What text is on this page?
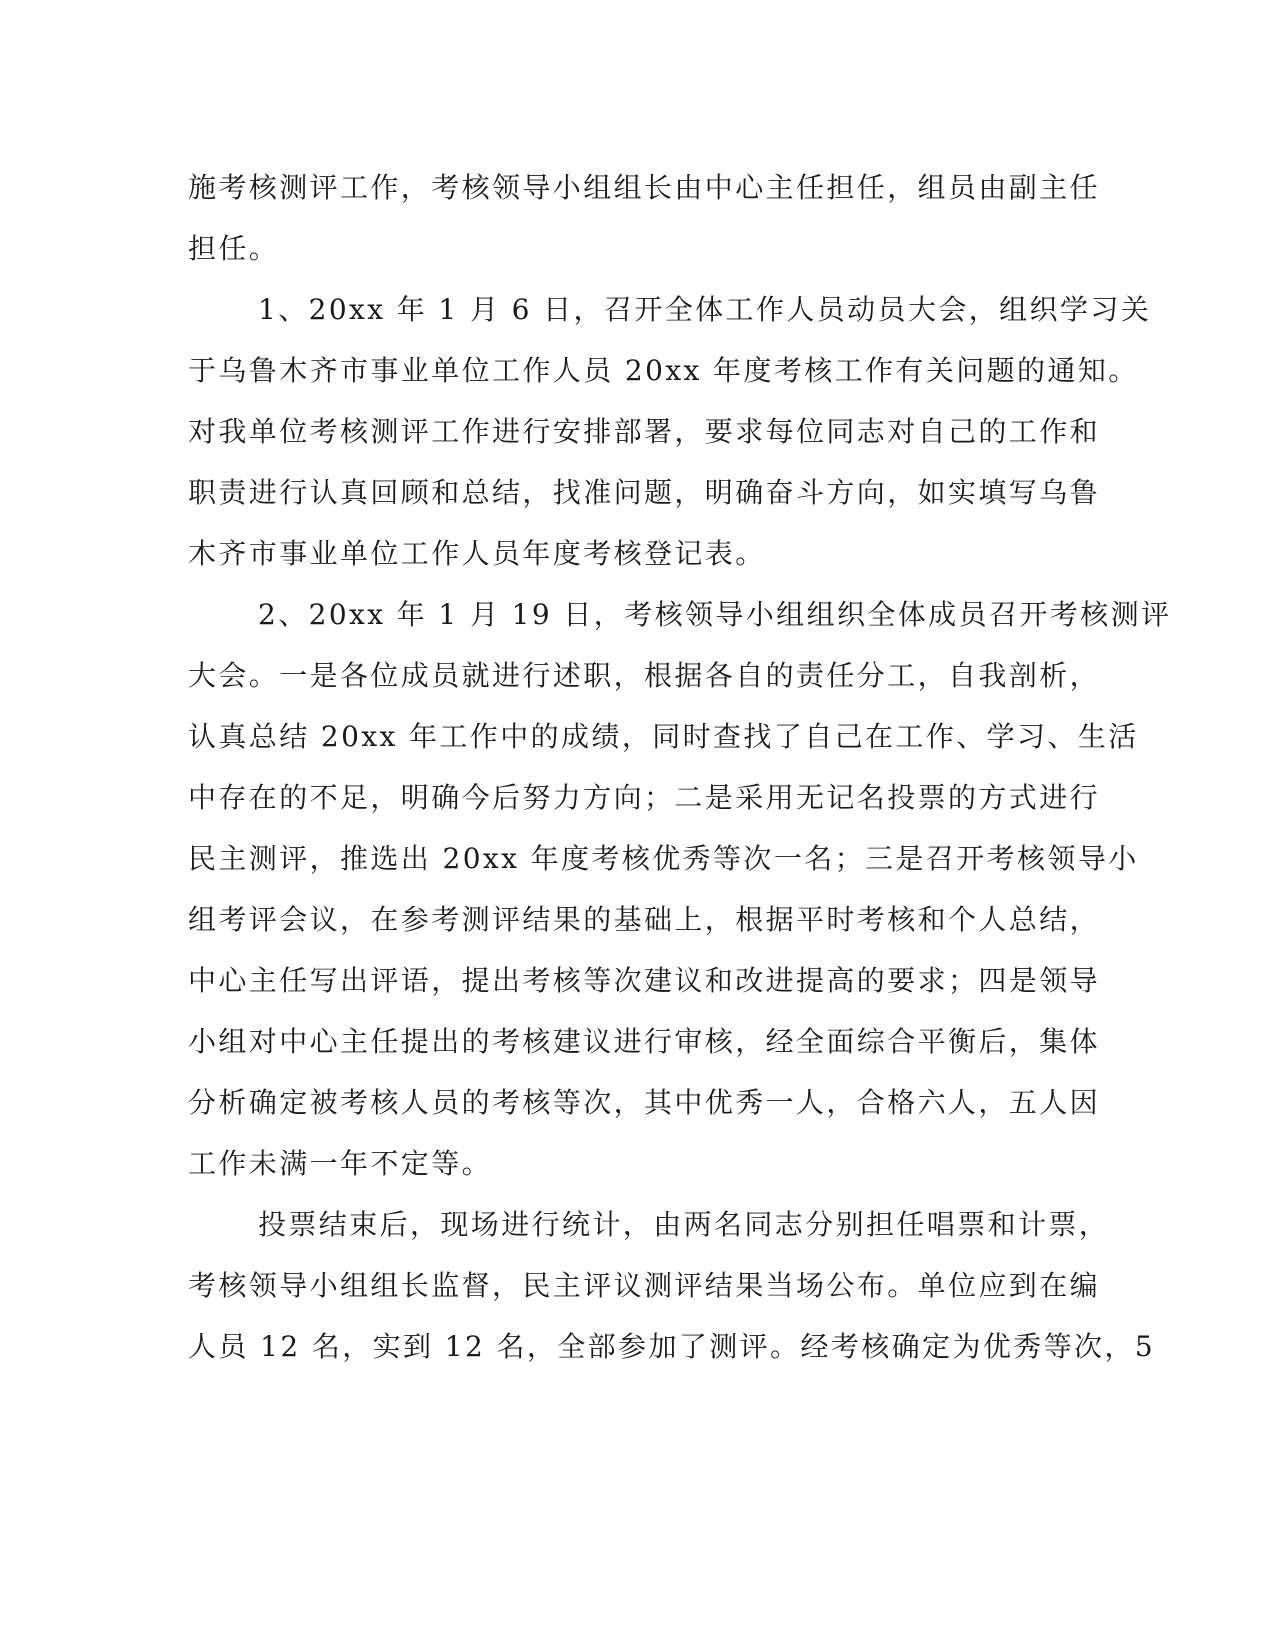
施考核测评工作，考核领导小组组长由中心主任担任，组员由副主任
担任。
1、20xx 年 1 月 6 日，召开全体工作人员动员大会，组织学习关
于乌鲁木齐市事业单位工作人员 20xx 年度考核工作有关问题的通知。
对我单位考核测评工作进行安排部署，要求每位同志对自己的工作和
职责进行认真回顾和总结，找准问题，明确奋斗方向，如实填写乌鲁
木齐市事业单位工作人员年度考核登记表。
2、20xx 年 1 月 19 日，考核领导小组组织全体成员召开考核测评
大会。一是各位成员就进行述职，根据各自的责任分工，自我剖析，
认真总结 20xx 年工作中的成绩，同时查找了自己在工作、学习、生活
中存在的不足，明确今后努力方向；二是采用无记名投票的方式进行
民主测评，推选出 20xx 年度考核优秀等次一名；三是召开考核领导小
组考评会议，在参考测评结果的基础上，根据平时考核和个人总结，
中心主任写出评语，提出考核等次建议和改进提高的要求；四是领导
小组对中心主任提出的考核建议进行审核，经全面综合平衡后，集体
分析确定被考核人员的考核等次，其中优秀一人，合格六人，五人因
工作未满一年不定等。
投票结束后，现场进行统计，由两名同志分别担任唱票和计票，
考核领导小组组长监督，民主评议测评结果当场公布。单位应到在编
人员 12 名，实到 12 名，全部参加了测评。经考核确定为优秀等次，5
